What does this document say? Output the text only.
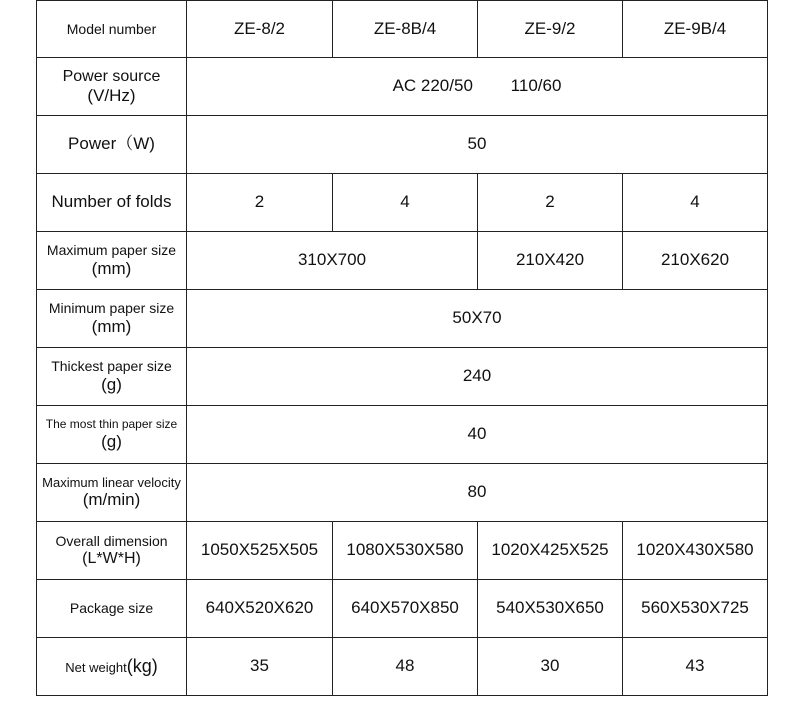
Model number	ZE-8/2	ZE-8B/4	ZE-9/2	ZE-9B/4

Power source
(V/Hz)	AC 220/50        110/60			
Power（W)	50			
Number of folds	2	4	2	4

Maximum paper size
(mm)	310X700		210X420	210X620

Minimum paper size
(mm)	50X70			

Thickest paper size
(g)	240			

The most thin paper size
(g)	40			

Maximum linear velocity
(m/min)	80			

Overall dimension
(L*W*H)	1050X525X505	1080X530X580	1020X425X525	1020X430X580
Package size	640X520X620	640X570X850	540X530X650	560X530X725
Net weight(kg)	35	48	30	43
